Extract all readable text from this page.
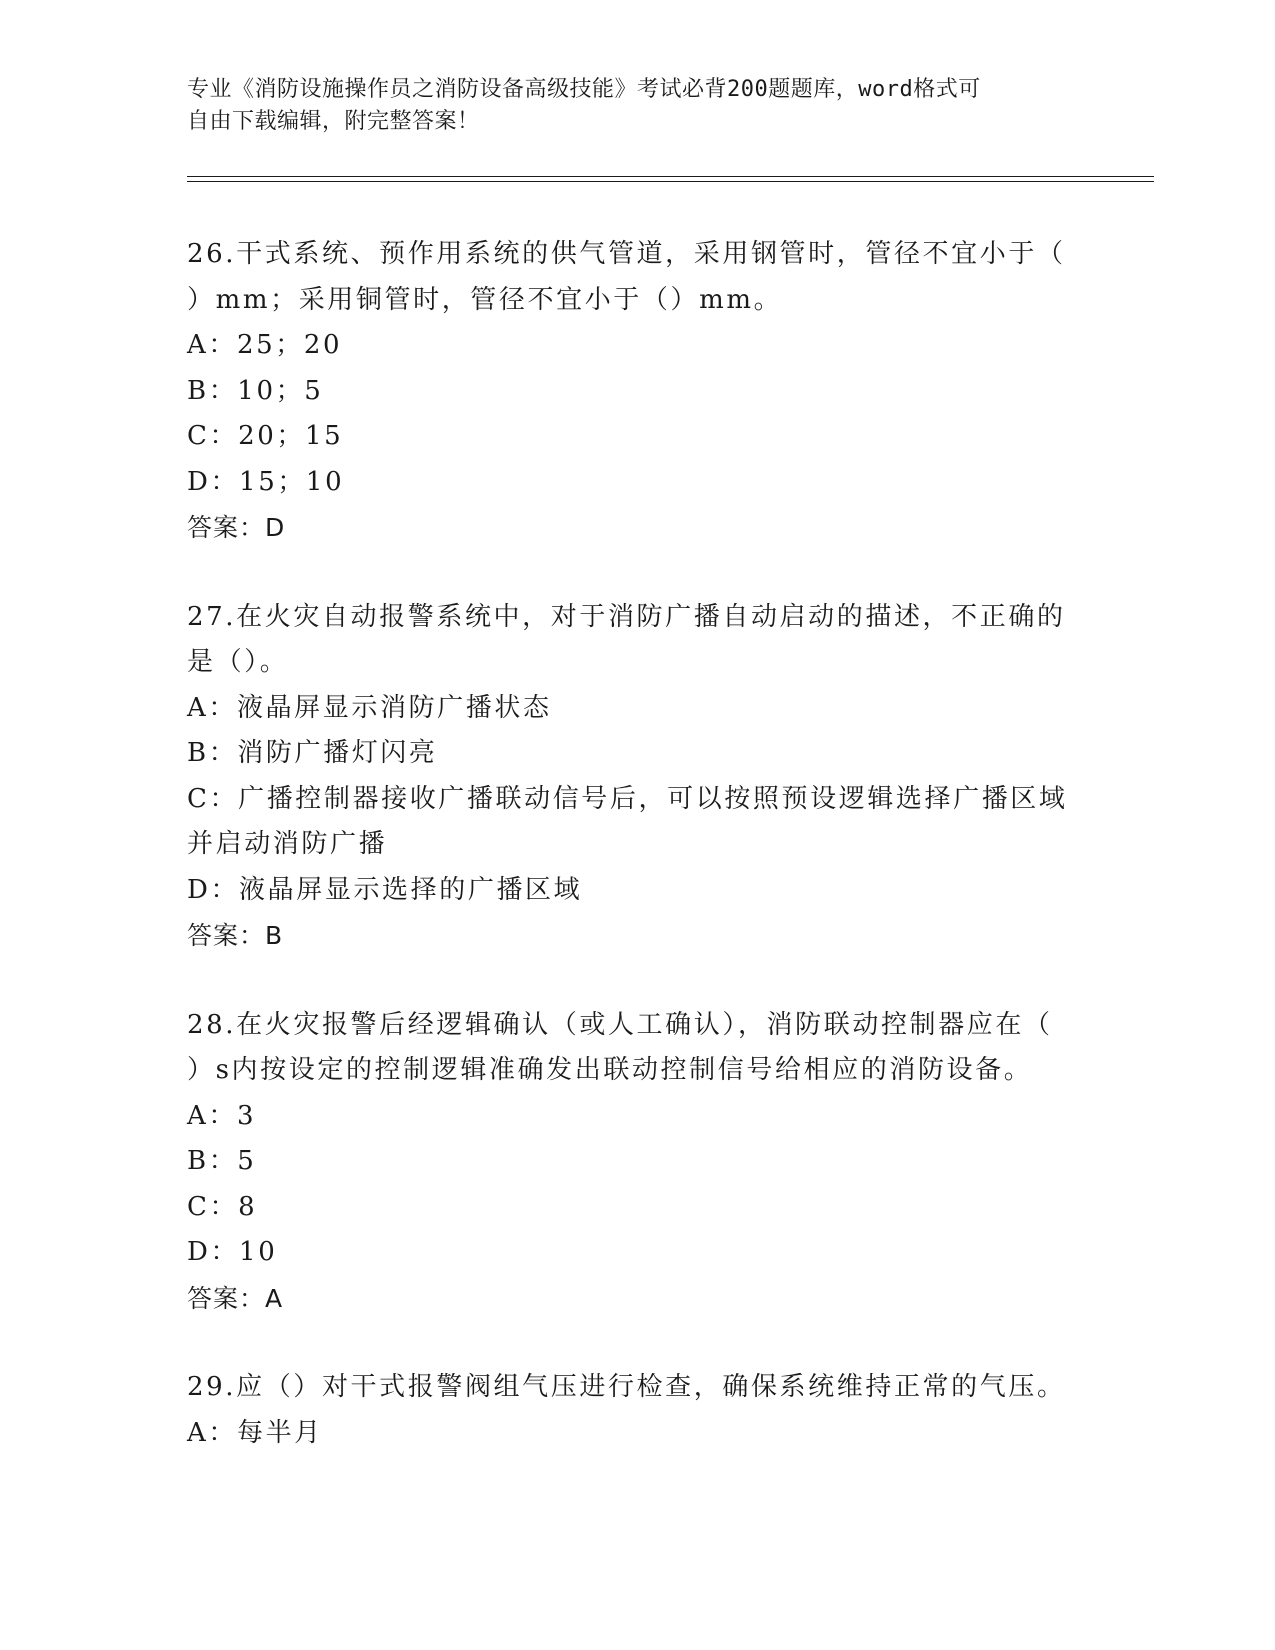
专业《消防设施操作员之消防设备高级技能》考试必背200题题库，word格式可
自由下载编辑，附完整答案！
26.干式系统、预作用系统的供气管道，采用钢管时，管径不宜小于（
）mm；采用铜管时，管径不宜小于（）mm。
A：25；20
B：10；5
C：20；15
D：15；10
答案：D
27.在火灾自动报警系统中，对于消防广播自动启动的描述，不正确的
是（）。
A：液晶屏显示消防广播状态
B：消防广播灯闪亮
C：广播控制器接收广播联动信号后，可以按照预设逻辑选择广播区域
并启动消防广播
D：液晶屏显示选择的广播区域
答案：B
28.在火灾报警后经逻辑确认（或人工确认），消防联动控制器应在（
）s内按设定的控制逻辑准确发出联动控制信号给相应的消防设备。
A：3
B：5
C：8
D：10
答案：A
29.应（）对干式报警阀组气压进行检查，确保系统维持正常的气压。
A：每半月
